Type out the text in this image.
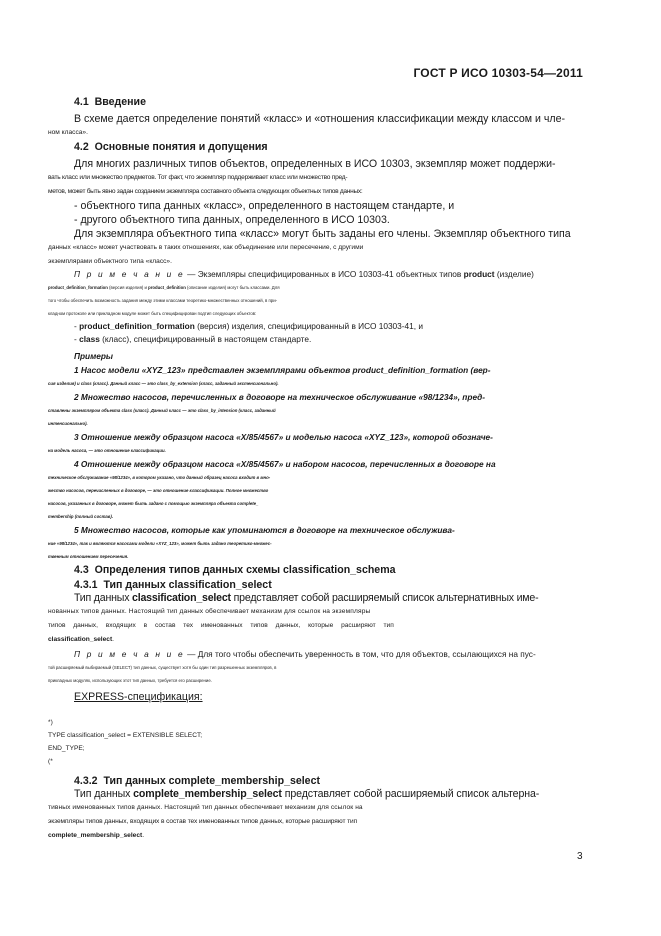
ГОСТ Р ИСО 10303-54—2011
4.1 Введение
В схеме дается определение понятий «класс» и «отношения классификации между классом и чле-
ном класса».
4.2 Основные понятия и допущения
Для многих различных типов объектов, определенных в ИСО 10303, экземпляр может поддержи-
вать класс или множество предметов. Тот факт, что экземпляр поддерживает класс или множество пред-
метов, может быть явно задан созданием экземпляра составного объекта следующих объектных типов данных:
- объектного типа данных «класс», определенного в настоящем стандарте, и
- другого объектного типа данных, определенного в ИСО 10303.
Для экземпляра объектного типа «класс» могут быть заданы его члены. Экземпляр объектного типа
данных «класс» может участвовать в таких отношениях, как объединение или пересечение, с другими
экземплярами объектного типа «класс».
П р и м е ч а н и е — Экземпляры специфицированных в ИСО 10303-41 объектных типов product (изделие)
product_definition_formation (версия изделия) и product_definition (описание изделия) могут быть классами. Для
того чтобы обеспечить возможность задания между этими классами теоретико-множественных отношений, в при-
кладном протоколе или прикладном модуле может быть специфицирован подтип следующих объектов:
- product_definition_formation (версия) изделия, специфицированный в ИСО 10303-41, и
- class (класс), специфицированный в настоящем стандарте.
Примеры
1 Насос модели «XYZ_123» представлен экземплярами объектов product_definition_formation (вер-
сия изделия) и class (класс). Данный класс — это class_by_extension (класс, заданный экстенсионально).
2 Множество насосов, перечисленных в договоре на техническое обслуживание «98/1234», пред-
ставлены экземпляром объекта class (класс). Данный класс — это class_by_intension (класс, заданный
интенсионально).
3 Отношение между образцом насоса «X/85/4567» и моделью насоса «XYZ_123», которой обозначе-
на модель насоса, — это отношение классификации.
4 Отношение между образцом насоса «X/85/4567» и набором насосов, перечисленных в договоре на
техническое обслуживание «98/1234», в котором указано, что данный образец насоса входит в мно-
жество насосов, перечисленных в договоре, — это отношение классификации. Полное множество
насосов, указанных в договоре, может быть задано с помощью экземпляра объекта complete_
membership (полный состав).
5 Множество насосов, которые как упоминаются в договоре на техническое обслужива-
ние «98/1234», так и являются насосами модели «XYZ_123», может быть задано теоретико-множес-
твенным отношением пересечения.
4.3 Определения типов данных схемы classification_schema
4.3.1 Тип данных classification_select
Тип данных classification_select представляет собой расширяемый список альтернативных име-
нованных типов данных. Настоящий тип данных обеспечивает механизм для ссылок на экземпляры
типов данных, входящих в состав тех именованных типов данных, которые расширяют тип
classification_select.
П р и м е ч а н и е — Для того чтобы обеспечить уверенность в том, что для объектов, ссылающихся на пус-
той расширяемый выбираемый (SELECT) тип данных, существует хотя бы один тип разрешенных экземпляров, в
прикладных модулях, использующих этот тип данных, требуется его расширение.
EXPRESS-спецификация:
*)
TYPE classification_select = EXTENSIBLE SELECT;
END_TYPE;
(*
4.3.2 Тип данных complete_membership_select
Тип данных complete_membership_select представляет собой расширяемый список альтерна-
тивных именованных типов данных. Настоящий тип данных обеспечивает механизм для ссылок на
экземпляры типов данных, входящих в состав тех именованных типов данных, которые расширяют тип
complete_membership_select.
3
